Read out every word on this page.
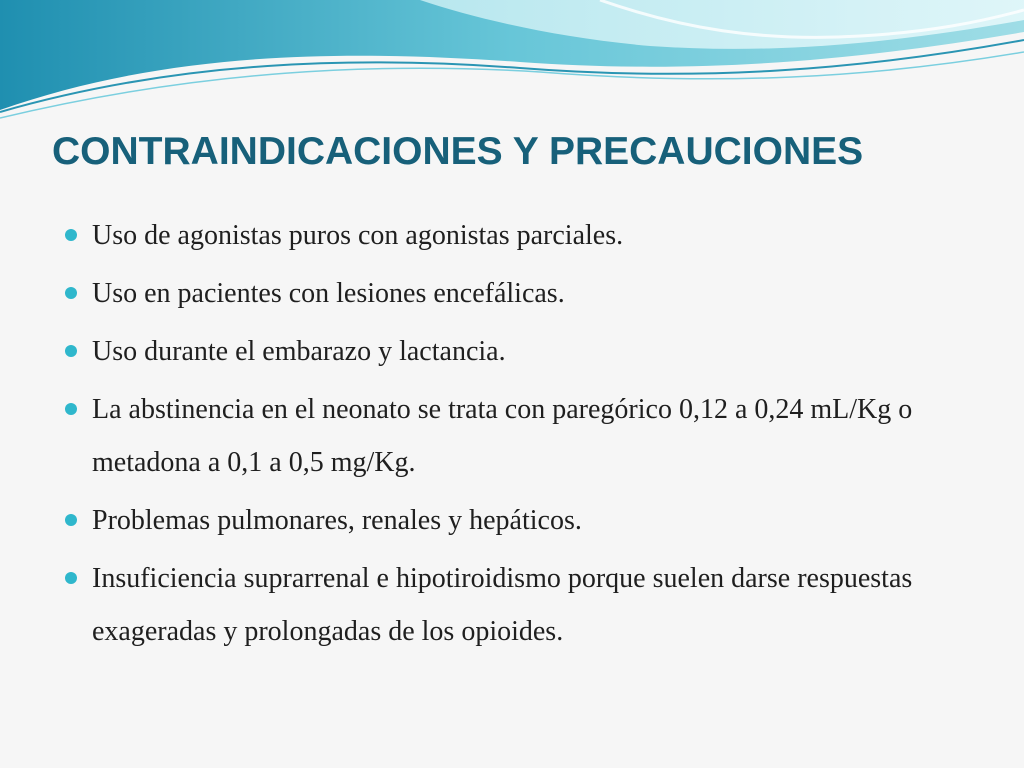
CONTRAINDICACIONES Y PRECAUCIONES
Uso de agonistas puros con agonistas parciales.
Uso en pacientes con lesiones encefálicas.
Uso durante el embarazo y lactancia.
La abstinencia en el neonato se trata con paregórico 0,12 a 0,24 mL/Kg o metadona a 0,1 a 0,5 mg/Kg.
Problemas pulmonares, renales y hepáticos.
Insuficiencia suprarrenal e hipotiroidismo porque suelen darse respuestas exageradas y prolongadas de los opioides.
